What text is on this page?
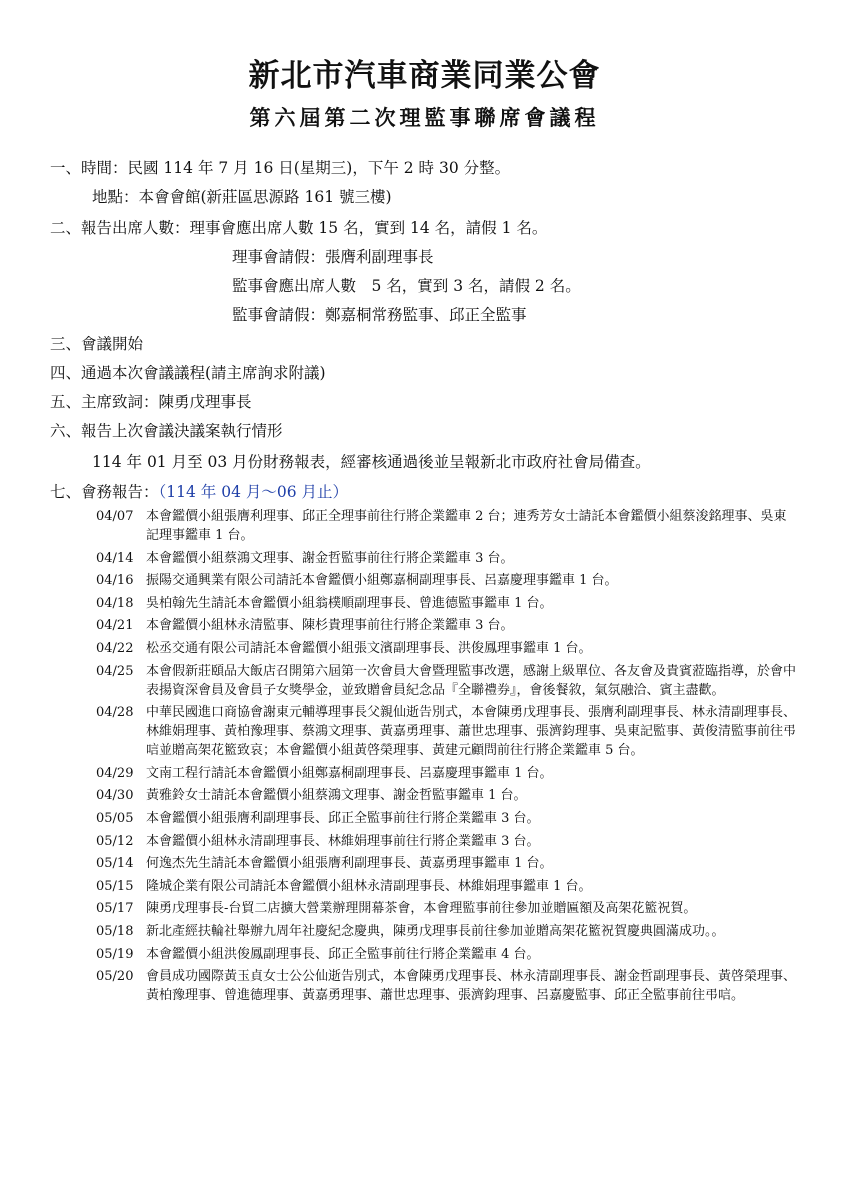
新北市汽車商業同業公會
第六屆第二次理監事聯席會議程
一、時間：民國 114 年 7 月 16 日(星期三)，下午 2 時 30 分整。
地點：本會會館(新莊區思源路 161 號三樓)
二、報告出席人數：理事會應出席人數 15 名，實到 14 名，請假 1 名。
理事會請假：張膺利副理事長
監事會應出席人數　5 名，實到 3 名，請假 2 名。
監事會請假：鄭嘉桐常務監事、邱正全監事
三、會議開始
四、通過本次會議議程(請主席詢求附議)
五、主席致詞：陳勇戊理事長
六、報告上次會議決議案執行情形
114 年 01 月至 03 月份財務報表，經審核通過後並呈報新北市政府社會局備查。
七、會務報告：（114 年 04 月～06 月止）
04/07 本會鑑價小組張膺利理事、邱正全理事前往行將企業鑑車 2 台；連秀芳女士請託本會鑑價小組蔡浚銘理事、吳東記理事鑑車 1 台。
04/14 本會鑑價小組蔡鴻文理事、謝金哲監事前往行將企業鑑車 3 台。
04/16 振陽交通興業有限公司請託本會鑑價小組鄭嘉桐副理事長、呂嘉慶理事鑑車 1 台。
04/18 吳柏翰先生請託本會鑑價小組翁樸順副理事長、曾進德監事鑑車 1 台。
04/21 本會鑑價小組林永清監事、陳杉貴理事前往行將企業鑑車 3 台。
04/22 松丞交通有限公司請託本會鑑價小組張文濱副理事長、洪俊鳳理事鑑車 1 台。
04/25 本會假新莊頤品大飯店召開第六屆第一次會員大會暨理監事改選，感謝上級單位、各友會及貴賓蒞臨指導，於會中表揚資深會員及會員子女獎學金，並致贈會員紀念品『全聯禮券』，會後餐敘，氣氛融洽、賓主盡歡。
04/28 中華民國進口商協會謝東元輔導理事長父親仙逝告別式，本會陳勇戊理事長、張膺利副理事長、林永清副理事長、林維娟理事、黃柏豫理事、蔡鴻文理事、黃嘉勇理事、蕭世忠理事、張濟鈞理事、吳東記監事、黃俊清監事前往弔唁並贈高架花籃致哀；本會鑑價小組黃啓榮理事、黃建元顧問前往行將企業鑑車 5 台。
04/29 文南工程行請託本會鑑價小組鄭嘉桐副理事長、呂嘉慶理事鑑車 1 台。
04/30 黃雅鈴女士請託本會鑑價小組蔡鴻文理事、謝金哲監事鑑車 1 台。
05/05 本會鑑價小組張膺利副理事長、邱正全監事前往行將企業鑑車 3 台。
05/12 本會鑑價小組林永清副理事長、林維娟理事前往行將企業鑑車 3 台。
05/14 何逸杰先生請託本會鑑價小組張膺利副理事長、黃嘉勇理事鑑車 1 台。
05/15 隆城企業有限公司請託本會鑑價小組林永清副理事長、林維娟理事鑑車 1 台。
05/17 陳勇戊理事長-台貿二店擴大營業辦理開幕茶會，本會理監事前往參加並贈匾額及高架花籃祝賀。
05/18 新北產經扶輪社舉辦九周年社慶紀念慶典，陳勇戊理事長前往參加並贈高架花籃祝賀慶典圓滿成功。。
05/19 本會鑑價小組洪俊鳳副理事長、邱正全監事前往行將企業鑑車 4 台。
05/20 會員成功國際黃玉貞女士公公仙逝告別式，本會陳勇戊理事長、林永清副理事長、謝金哲副理事長、黃啓榮理事、黃柏豫理事、曾進德理事、黃嘉勇理事、蕭世忠理事、張濟鈞理事、呂嘉慶監事、邱正全監事前往弔唁。
